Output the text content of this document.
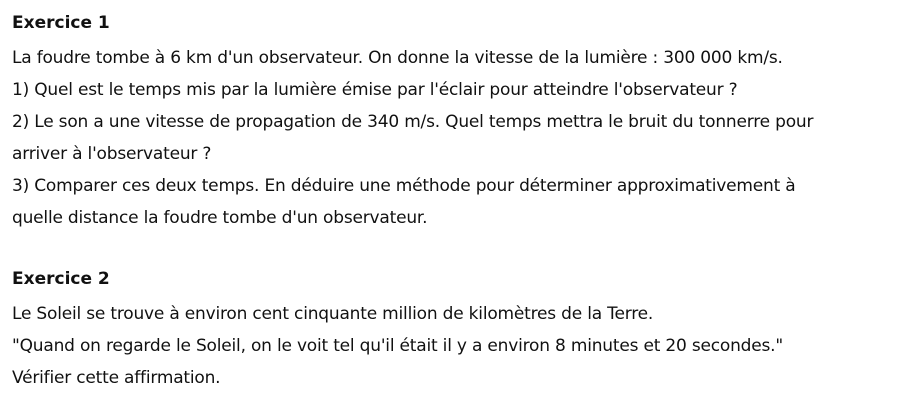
Exercice 1
La foudre tombe à 6 km d'un observateur. On donne la vitesse de la lumière : 300 000 km/s.
1) Quel est le temps mis par la lumière émise par l'éclair pour atteindre l'observateur ?
2) Le son a une vitesse de propagation de 340 m/s. Quel temps mettra le bruit du tonnerre pour
arriver à l'observateur ?
3) Comparer ces deux temps. En déduire une méthode pour déterminer approximativement à
quelle distance la foudre tombe d'un observateur.
Exercice 2
Le Soleil se trouve à environ cent cinquante million de kilomètres de la Terre.
"Quand on regarde le Soleil, on le voit tel qu'il était il y a environ 8 minutes et 20 secondes."
Vérifier cette affirmation.
